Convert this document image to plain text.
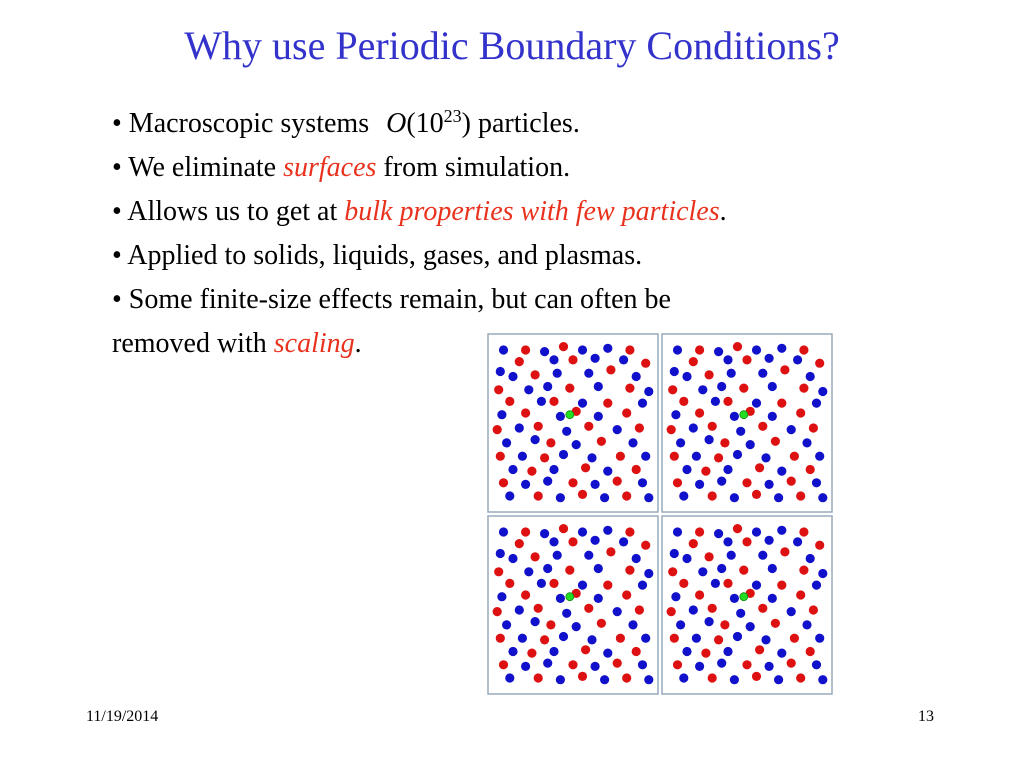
Why use Periodic Boundary Conditions?
• Macroscopic systems $O(10^{23})$ particles.
• We eliminate surfaces from simulation.
• Allows us to get at bulk properties with few particles.
• Applied to solids, liquids, gases, and plasmas.
• Some finite-size effects remain, but can often be
removed with scaling.
11/19/2014	13
